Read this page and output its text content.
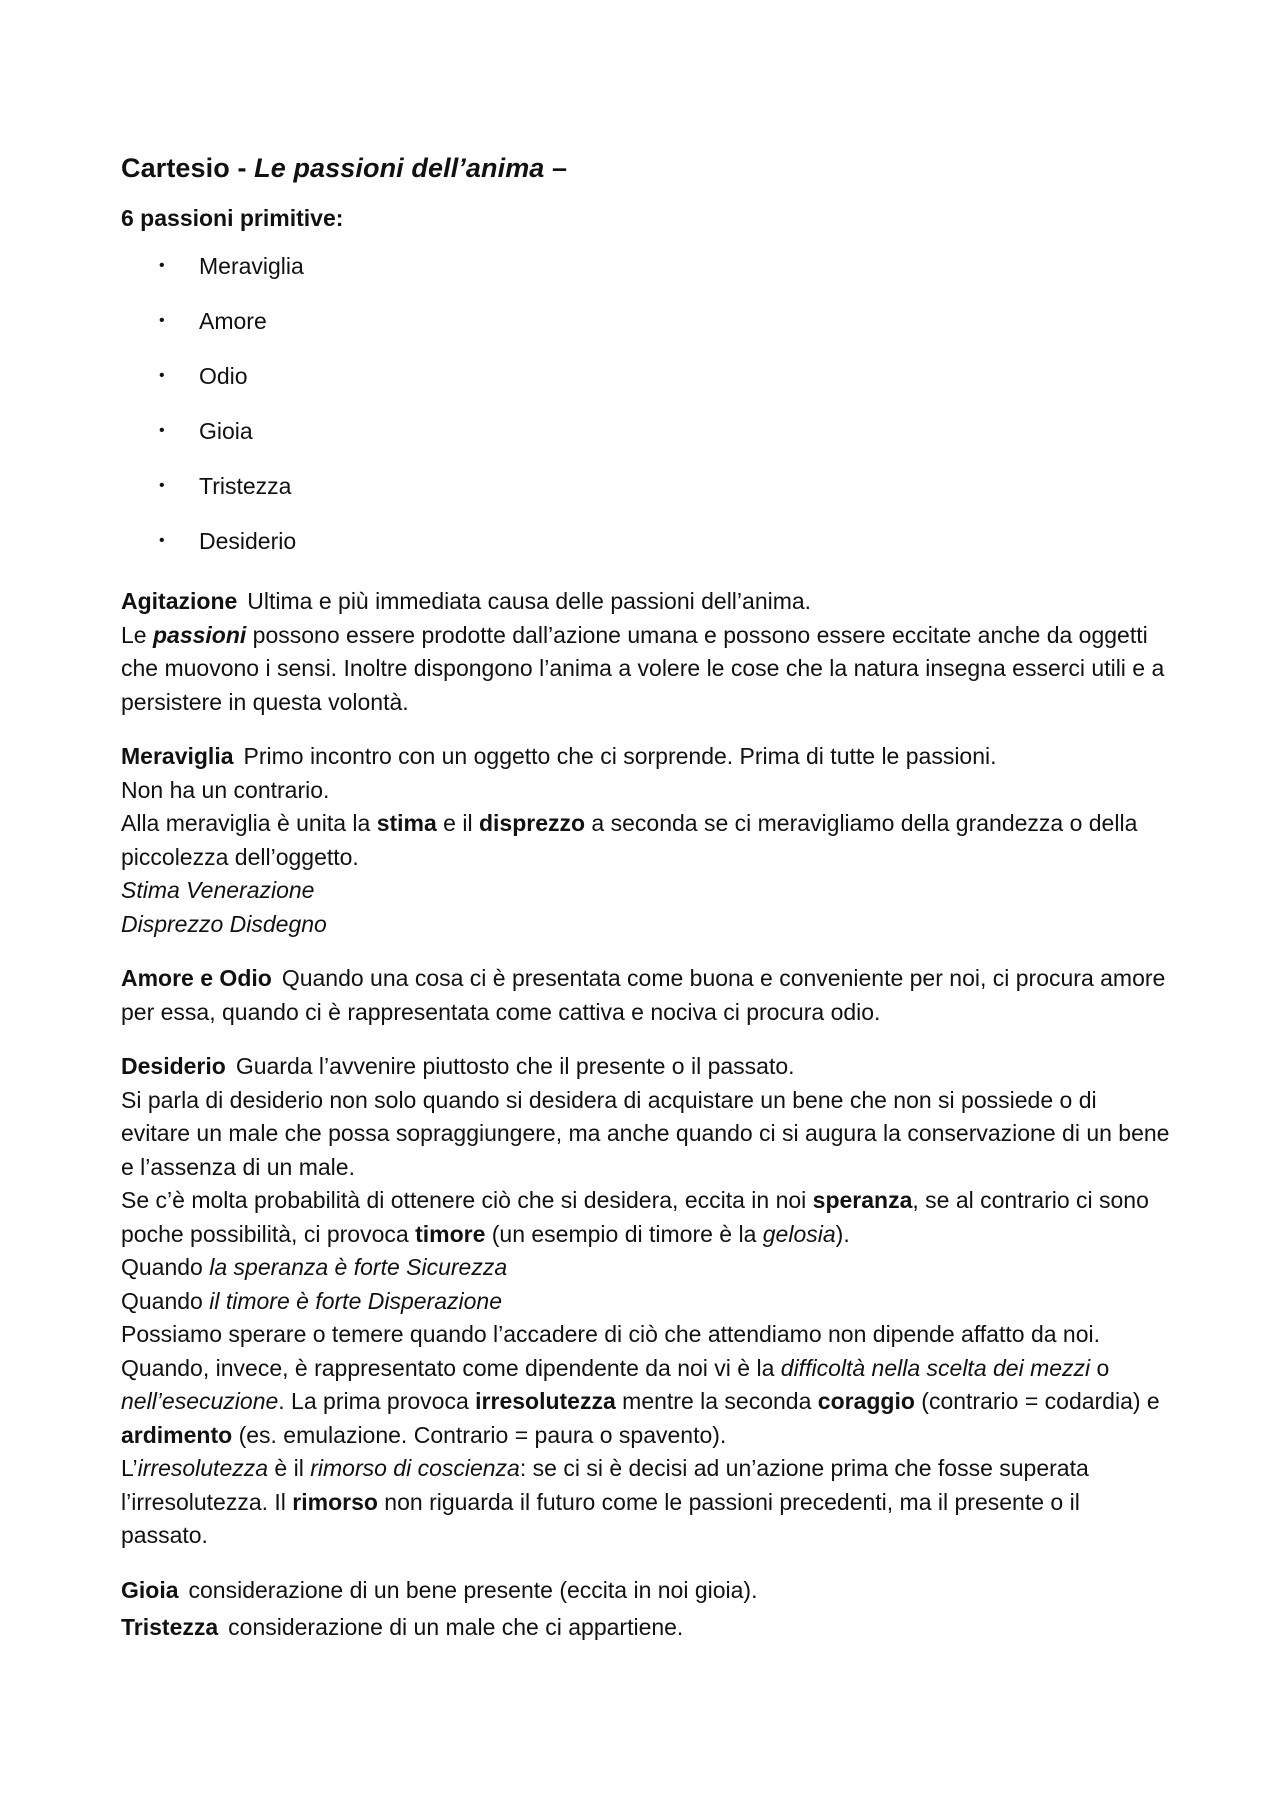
Cartesio - Le passioni dell’anima –

6 passioni primitive:

• Meraviglia
• Amore
• Odio
• Gioia
• Tristezza
• Desiderio

Agitazione Ultima e più immediata causa delle passioni dell’anima.

Le passioni possono essere prodotte dall’azione umana e possono essere eccitate anche da oggetti che muovono i sensi. Inoltre dispongono l’anima a volere le cose che la natura insegna esserci utili e a persistere in questa volontà.

Meraviglia Primo incontro con un oggetto che ci sorprende. Prima di tutte le passioni.

Non ha un contrario.

Alla meraviglia è unita la stima e il disprezzo a seconda se ci meravigliamo della grandezza o della piccolezza dell’oggetto.

Stima Venerazione

Disprezzo Disdegno

Amore e Odio Quando una cosa ci è presentata come buona e conveniente per noi, ci procura amore per essa, quando ci è rappresentata come cattiva e nociva ci procura odio.

Desiderio Guarda l’avvenire piuttosto che il presente o il passato.

Si parla di desiderio non solo quando si desidera di acquistare un bene che non si possiede o di evitare un male che possa sopraggiungere, ma anche quando ci si augura la conservazione di un bene e l’assenza di un male.

Se c’è molta probabilità di ottenere ciò che si desidera, eccita in noi speranza, se al contrario ci sono poche possibilità, ci provoca timore (un esempio di timore è la gelosia).

Quando la speranza è forte Sicurezza

Quando il timore è forte Disperazione

Possiamo sperare o temere quando l’accadere di ciò che attendiamo non dipende affatto da noi. Quando, invece, è rappresentato come dipendente da noi vi è la difficoltà nella scelta dei mezzi o nell’esecuzione. La prima provoca irresolutezza mentre la seconda coraggio (contrario = codardia) e ardimento (es. emulazione. Contrario = paura o spavento).

L’irresolutezza è il rimorso di coscienza: se ci si è decisi ad un’azione prima che fosse superata l’irresolutezza. Il rimorso non riguarda il futuro come le passioni precedenti, ma il presente o il passato.

Gioia considerazione di un bene presente (eccita in noi gioia).

Tristezza considerazione di un male che ci appartiene.
